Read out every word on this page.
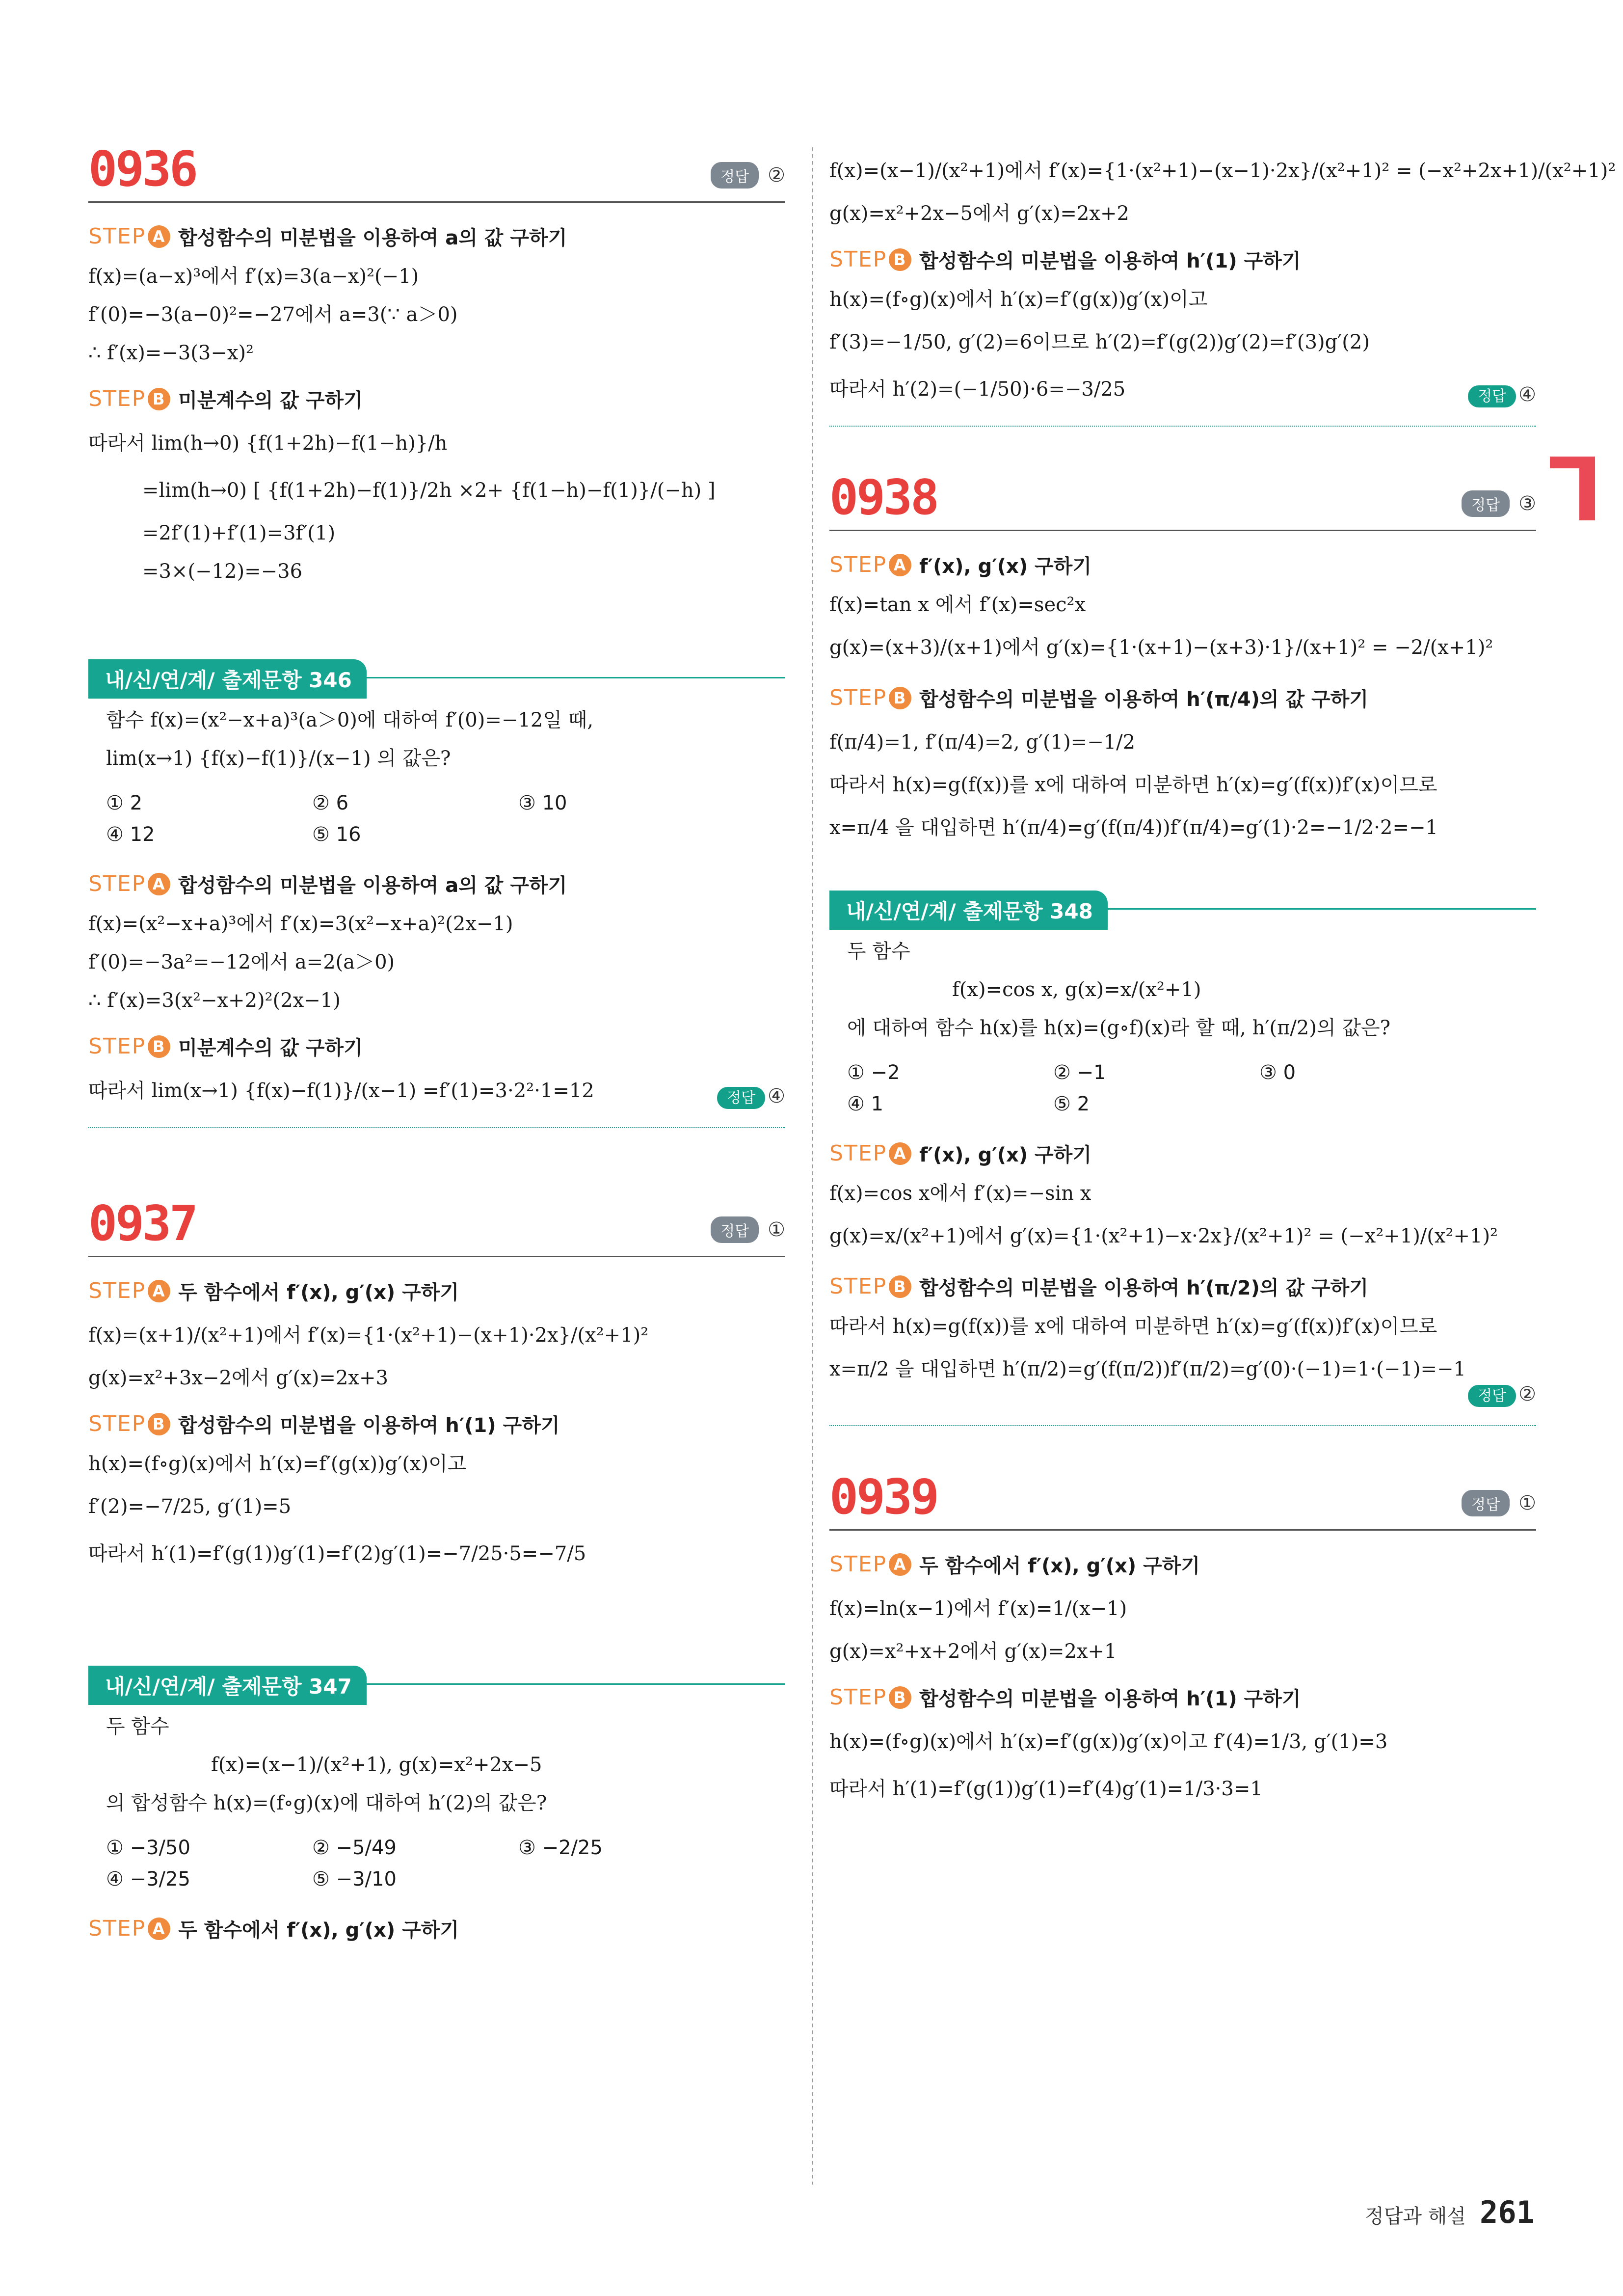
0936	정답 ②
STEP A 합성함수의 미분법을 이용하여 a의 값 구하기
f(x)=(a−x)³에서 f′(x)=3(a−x)²(−1)
f′(0)=−3(a−0)²=−27에서 a=3(∵ a＞0)
∴ f′(x)=−3(3−x)²
STEP B 미분계수의 값 구하기
따라서 lim(h→0) {f(1+2h)−f(1−h)}/h
=lim(h→0) [ {f(1+2h)−f(1)}/2h ×2+ {f(1−h)−f(1)}/(−h) ]
=2f′(1)+f′(1)=3f′(1)
=3×(−12)=−36
내/신/연/계/ 출제문항 346
함수 f(x)=(x²−x+a)³(a＞0)에 대하여 f′(0)=−12일 때,
lim(x→1) {f(x)−f(1)}/(x−1) 의 값은?
① 2	② 6	③ 10
④ 12	⑤ 16
STEP A 합성함수의 미분법을 이용하여 a의 값 구하기
f(x)=(x²−x+a)³에서 f′(x)=3(x²−x+a)²(2x−1)
f′(0)=−3a²=−12에서 a=2(a＞0)
∴ f′(x)=3(x²−x+2)²(2x−1)
STEP B 미분계수의 값 구하기
따라서 lim(x→1) {f(x)−f(1)}/(x−1) =f′(1)=3·2²·1=12	정답 ④
0937	정답 ①
STEP A 두 함수에서 f′(x), g′(x) 구하기
f(x)=(x+1)/(x²+1)에서 f′(x)={1·(x²+1)−(x+1)·2x}/(x²+1)²
g(x)=x²+3x−2에서 g′(x)=2x+3
STEP B 합성함수의 미분법을 이용하여 h′(1) 구하기
h(x)=(f∘g)(x)에서 h′(x)=f′(g(x))g′(x)이고
f′(2)=−7/25, g′(1)=5
따라서 h′(1)=f′(g(1))g′(1)=f′(2)g′(1)=−7/25·5=−7/5
내/신/연/계/ 출제문항 347
두 함수
f(x)=(x−1)/(x²+1), g(x)=x²+2x−5
의 합성함수 h(x)=(f∘g)(x)에 대하여 h′(2)의 값은?
① −3/50	② −5/49	③ −2/25
④ −3/25	⑤ −3/10
STEP A 두 함수에서 f′(x), g′(x) 구하기
f(x)=(x−1)/(x²+1)에서 f′(x)={1·(x²+1)−(x−1)·2x}/(x²+1)² = (−x²+2x+1)/(x²+1)²
g(x)=x²+2x−5에서 g′(x)=2x+2
STEP B 합성함수의 미분법을 이용하여 h′(1) 구하기
h(x)=(f∘g)(x)에서 h′(x)=f′(g(x))g′(x)이고
f′(3)=−1/50, g′(2)=6이므로 h′(2)=f′(g(2))g′(2)=f′(3)g′(2)
따라서 h′(2)=(−1/50)·6=−3/25	정답 ④
0938	정답 ③
STEP A f′(x), g′(x) 구하기
f(x)=tan x 에서 f′(x)=sec²x
g(x)=(x+3)/(x+1)에서 g′(x)={1·(x+1)−(x+3)·1}/(x+1)² = −2/(x+1)²
STEP B 합성함수의 미분법을 이용하여 h′(π/4)의 값 구하기
f(π/4)=1, f′(π/4)=2, g′(1)=−1/2
따라서 h(x)=g(f(x))를 x에 대하여 미분하면 h′(x)=g′(f(x))f′(x)이므로
x=π/4 을 대입하면 h′(π/4)=g′(f(π/4))f′(π/4)=g′(1)·2=−1/2·2=−1
내/신/연/계/ 출제문항 348
두 함수
f(x)=cos x, g(x)=x/(x²+1)
에 대하여 함수 h(x)를 h(x)=(g∘f)(x)라 할 때, h′(π/2)의 값은?
① −2	② −1	③ 0
④ 1	⑤ 2
STEP A f′(x), g′(x) 구하기
f(x)=cos x에서 f′(x)=−sin x
g(x)=x/(x²+1)에서 g′(x)={1·(x²+1)−x·2x}/(x²+1)² = (−x²+1)/(x²+1)²
STEP B 합성함수의 미분법을 이용하여 h′(π/2)의 값 구하기
따라서 h(x)=g(f(x))를 x에 대하여 미분하면 h′(x)=g′(f(x))f′(x)이므로
x=π/2 을 대입하면 h′(π/2)=g′(f(π/2))f′(π/2)=g′(0)·(−1)=1·(−1)=−1
정답 ②
0939	정답 ①
STEP A 두 함수에서 f′(x), g′(x) 구하기
f(x)=ln(x−1)에서 f′(x)=1/(x−1)
g(x)=x²+x+2에서 g′(x)=2x+1
STEP B 합성함수의 미분법을 이용하여 h′(1) 구하기
h(x)=(f∘g)(x)에서 h′(x)=f′(g(x))g′(x)이고 f′(4)=1/3, g′(1)=3
따라서 h′(1)=f′(g(1))g′(1)=f′(4)g′(1)=1/3·3=1
정답과 해설 261
